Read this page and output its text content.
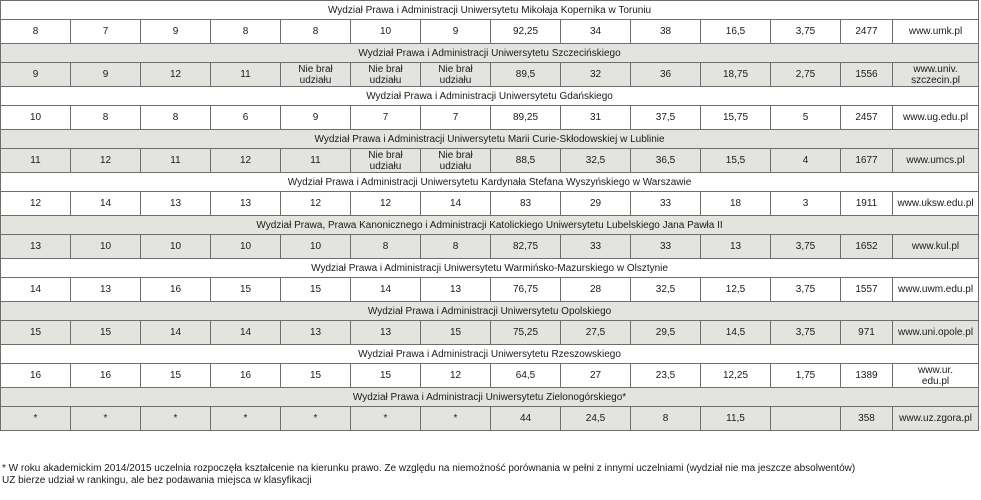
Wydział Prawa i Administracji Uniwersytetu Mikołaja Kopernika w Toruniu													
8	7	9	8	8	10	9	92,25	34	38	16,5	3,75	2477	www.umk.pl
Wydział Prawa i Administracji Uniwersytetu Szczecińskiego													
9	9	12	11	Nie brał
udziału	Nie brał
udziału	Nie brał
udziału	89,5	32	36	18,75	2,75	1556	www.univ.
szczecin.pl
Wydział Prawa i Administracji Uniwersytetu Gdańskiego													
10	8	8	6	9	7	7	89,25	31	37,5	15,75	5	2457	www.ug.edu.pl
Wydział Prawa i Administracji Uniwersytetu Marii Curie-Skłodowskiej w Lublinie													
11	12	11	12	11	Nie brał
udziału	Nie brał
udziału	88,5	32,5	36,5	15,5	4	1677	www.umcs.pl
Wydział Prawa i Administracji Uniwersytetu Kardynała Stefana Wyszyńskiego w Warszawie													
12	14	13	13	12	12	14	83	29	33	18	3	1911	www.uksw.edu.pl
Wydział Prawa, Prawa Kanonicznego i Administracji Katolickiego Uniwersytetu Lubelskiego Jana Pawła II													
13	10	10	10	10	8	8	82,75	33	33	13	3,75	1652	www.kul.pl
Wydział Prawa i Administracji Uniwersytetu Warmińsko-Mazurskiego w Olsztynie													
14	13	16	15	15	14	13	76,75	28	32,5	12,5	3,75	1557	www.uwm.edu.pl
Wydział Prawa i Administracji Uniwersytetu Opolskiego													
15	15	14	14	13	13	15	75,25	27,5	29,5	14,5	3,75	971	www.uni.opole.pl
Wydział Prawa i Administracji Uniwersytetu Rzeszowskiego													
16	16	15	16	15	15	12	64,5	27	23,5	12,25	1,75	1389	www.ur.
edu.pl
Wydział Prawa i Administracji Uniwersytetu Zielonogórskiego*													
*	*	*	*	*	*	*	44	24,5	8	11,5		358	www.uz.zgora.pl
* W roku akademickim 2014/2015 uczelnia rozpoczęła kształcenie na kierunku prawo. Ze względu na niemożność porównania w pełni z innymi uczelniami (wydział nie ma jeszcze absolwentów)
UZ bierze udział w rankingu, ale bez podawania miejsca w klasyfikacji
